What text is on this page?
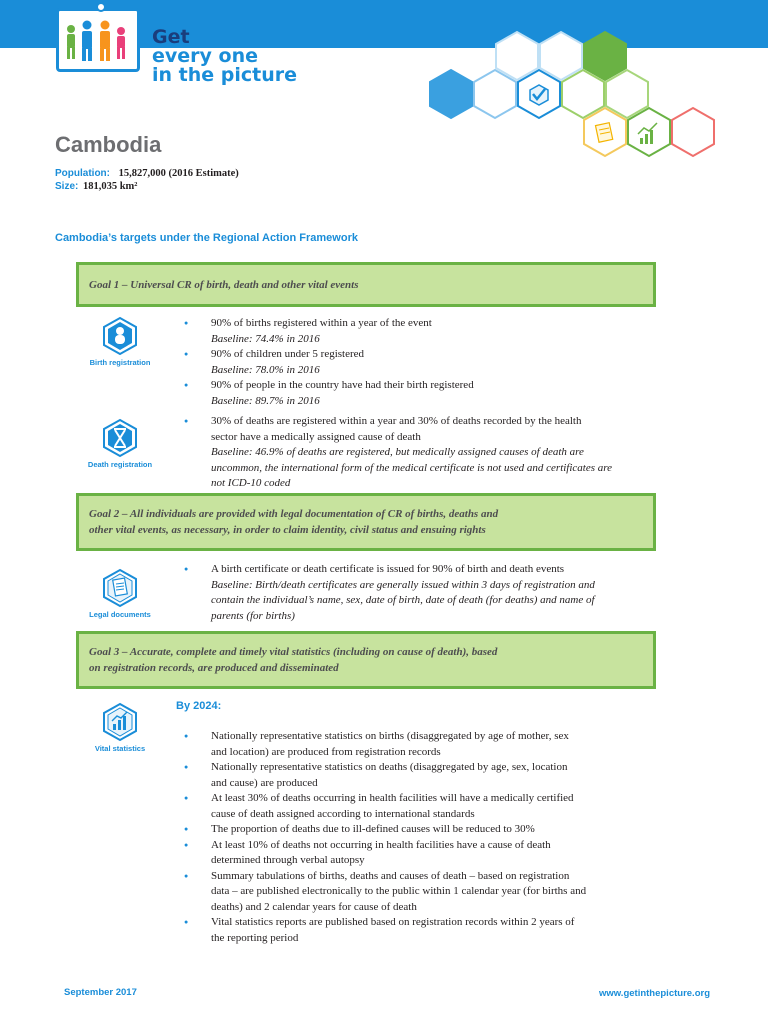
Get
every one
in the picture
Cambodia
Population: 15,827,000 (2016 Estimate)
Size: 181,035 km²
Cambodia’s targets under the Regional Action Framework
Goal 1 – Universal CR of birth, death and other vital events
Birth registration
● 90% of births registered within a year of the event
Baseline: 74.4% in 2016
● 90% of children under 5 registered
Baseline: 78.0% in 2016
● 90% of people in the country have had their birth registered
Baseline: 89.7% in 2016
Death registration
● 30% of deaths are registered within a year and 30% of deaths recorded by the health
sector have a medically assigned cause of death
Baseline: 46.9% of deaths are registered, but medically assigned causes of death are
uncommon, the international form of the medical certificate is not used and certificates are
not ICD-10 coded
Goal 2 – All individuals are provided with legal documentation of CR of births, deaths and
other vital events, as necessary, in order to claim identity, civil status and ensuing rights
Legal documents
● A birth certificate or death certificate is issued for 90% of birth and death events
Baseline: Birth/death certificates are generally issued within 3 days of registration and
contain the individual’s name, sex, date of birth, date of death (for deaths) and name of
parents (for births)
Goal 3 – Accurate, complete and timely vital statistics (including on cause of death), based
on registration records, are produced and disseminated
By 2024:
Vital statistics
● Nationally representative statistics on births (disaggregated by age of mother, sex
and location) are produced from registration records
● Nationally representative statistics on deaths (disaggregated by age, sex, location
and cause) are produced
● At least 30% of deaths occurring in health facilities will have a medically certified
cause of death assigned according to international standards
● The proportion of deaths due to ill-defined causes will be reduced to 30%
● At least 10% of deaths not occurring in health facilities have a cause of death
determined through verbal autopsy
● Summary tabulations of births, deaths and causes of death – based on registration
data – are published electronically to the public within 1 calendar year (for births and
deaths) and 2 calendar years for cause of death
● Vital statistics reports are published based on registration records within 2 years of
the reporting period
September 2017	www.getinthepicture.org
